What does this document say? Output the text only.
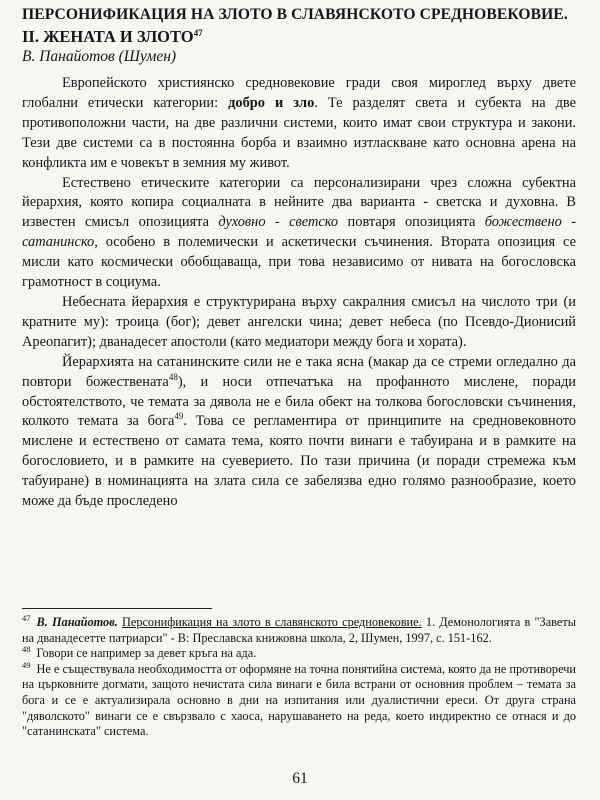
ПЕРСОНИФИКАЦИЯ НА ЗЛОТО В СЛАВЯНСКОТО СРЕДНОВЕКОВИЕ.
II. ЖЕНАТА И ЗЛОТО$^{47}$
В. Панайотов (Шумен)

Европейското християнско средновековие гради своя мироглед върху двете глобални етически категории: добро и зло. Те разделят света и субекта на две противоположни части, на две различни системи, които имат свои структура и закони. Тези две системи са в постоянна борба и взаимно изтласкване като основна арена на конфликта им е човекът в земния му живот.

Естествено етическите категории са персонализирани чрез сложна субектна йерархия, която копира социалната в нейните два варианта - светска и духовна. В известен смисъл опозицията духовно - светско повтаря опозицията божествено - сатанинско, особено в полемически и аскетически съчинения. Втората опозиция се мисли като космически обобщаваща, при това независимо от нивата на богословска грамотност в социума.

Небесната йерархия е структурирана върху сакралния смисъл на числото три (и кратните му): троица (бог); девет ангелски чина; девет небеса (по Псевдо-Дионисий Ареопагит); дванадесет апостоли (като медиатори между бога и хората).

Йерархията на сатанинските сили не е така ясна (макар да се стреми огледално да повтори божествената$^{48}$), и носи отпечатъка на профанното мислене, поради обстоятелството, че темата за дявола не е била обект на толкова богословски съчинения, колкото темата за бога$^{49}$. Това се регламентира от принципите на средновековното мислене и естествено от самата тема, която почти винаги е табуирана и в рамките на богословието, и в рамките на суеверието. По тази причина (и поради стремежа към табуиране) в номинацията на злата сила се забелязва едно голямо разнообразие, което може да бъде проследено

$^{47}$ В. Панайотов. Персонификация на злото в славянското средновековие. 1. Демонологията в "Заветы на дванадесетте патриарси" - В: Преславска книжовна школа, 2, Шумен, 1997, с. 151-162.

$^{48}$ Говори се например за девет кръга на ада.

$^{49}$ Не е съществувала необходимостта от оформяне на точна понятийна система, която да не противоречи на църковните догмати, защото нечистата сила винаги е била встрани от основния проблем – темата за бога и се е актуализирала основно в дни на изпитания или дуалистични ереси. От друга страна "дяволското" винаги се е свързвало с хаоса, нарушаването на реда, което индиректно се отнася и до "сатанинската" система.

61
